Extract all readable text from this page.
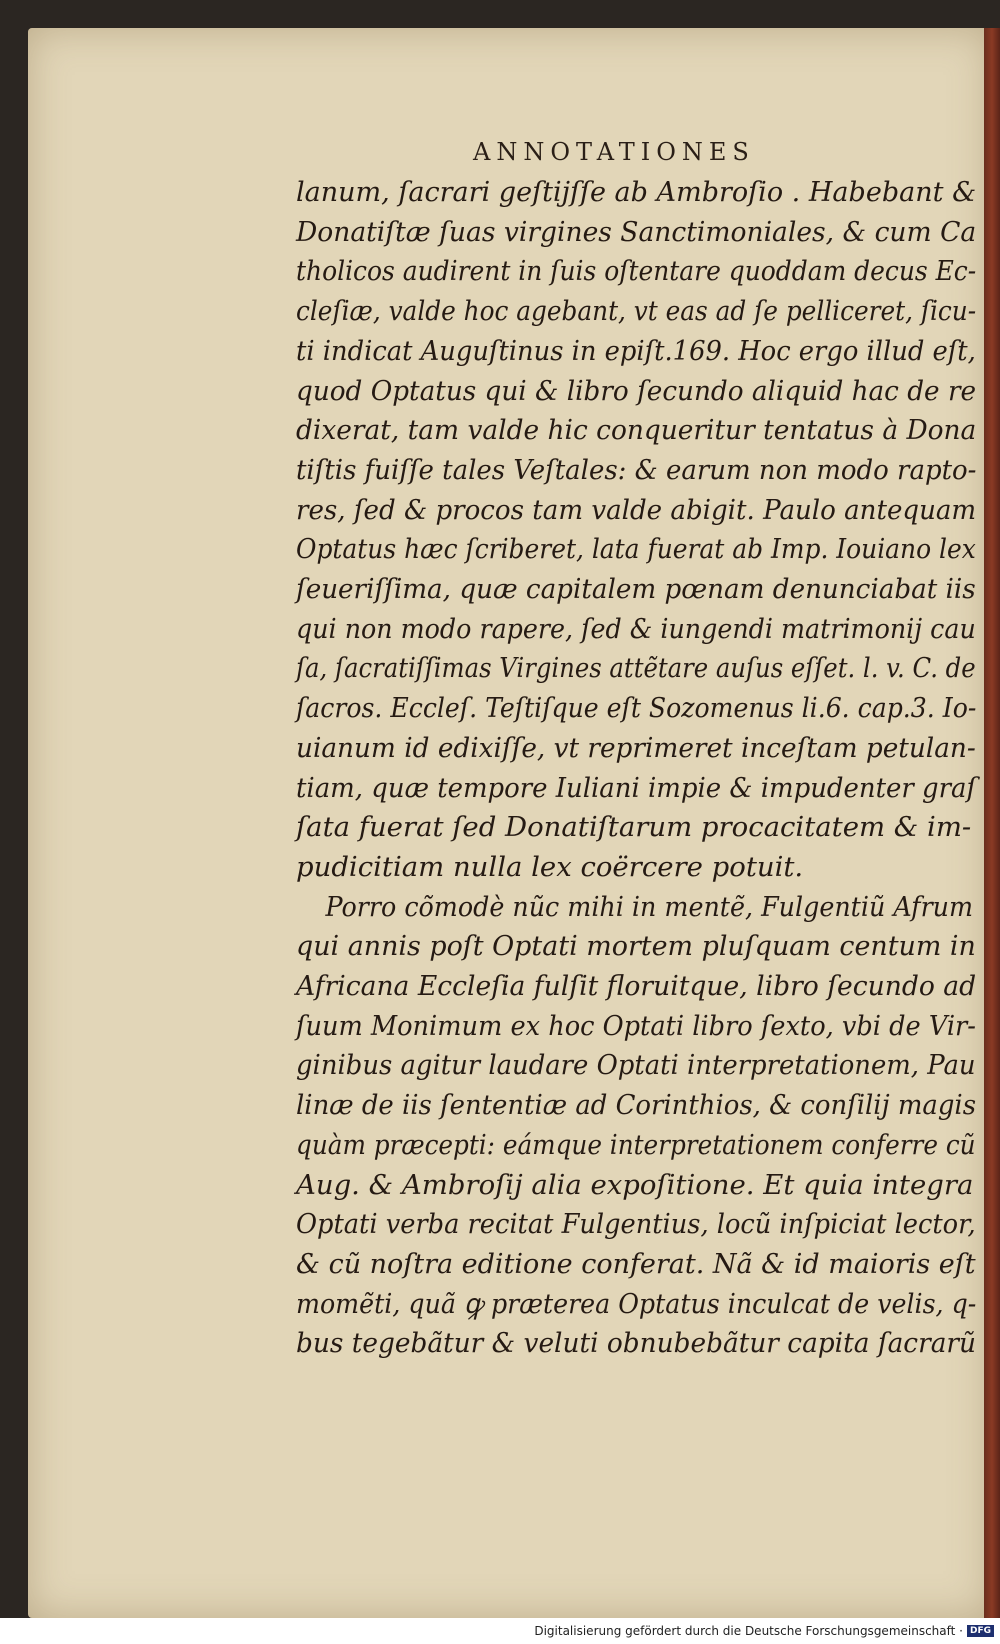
ANNOTATIONES
lanum, ſacrari geſtijſſe ab Ambroſio . Habebant &
Donatiſtæ ſuas virgines Sanctimoniales, & cum Ca
tholicos audirent in ſuis oſtentare quoddam decus Ec-
cleſiæ, valde hoc agebant, vt eas ad ſe pelliceret, ſicu-
ti indicat Auguſtinus in epiſt.169. Hoc ergo illud eſt,
quod Optatus qui & libro ſecundo aliquid hac de re
dixerat, tam valde hic conqueritur tentatus à Dona
tiſtis fuiſſe tales Veſtales: & earum non modo rapto-
res, ſed & procos tam valde abigit. Paulo antequam
Optatus hæc ſcriberet, lata fuerat ab Imp. Iouiano lex
ſeueriſſima, quæ capitalem pœnam denunciabat iis
qui non modo rapere, ſed & iungendi matrimonij cau
ſa, ſacratiſſimas Virgines attẽtare auſus eſſet. l. v. C. de
ſacros. Eccleſ. Teſtiſque eſt Sozomenus li.6. cap.3. Io-
uianum id edixiſſe, vt reprimeret inceſtam petulan-
tiam, quæ tempore Iuliani impie & impudenter graſ
ſata fuerat ſed Donatiſtarum procacitatem & im-
pudicitiam nulla lex coërcere potuit.
Porro cõmodè nũc mihi in mentẽ, Fulgentiũ Afrum
qui annis poſt Optati mortem pluſquam centum in
Africana Eccleſia fulſit floruitque, libro ſecundo ad
ſuum Monimum ex hoc Optati libro ſexto, vbi de Vir-
ginibus agitur laudare Optati interpretationem, Pau
linæ de iis ſententiæ ad Corinthios, & conſilij magis
quàm præcepti: eámque interpretationem conferre cũ
Aug. & Ambroſij alia expoſitione. Et quia integra
Optati verba recitat Fulgentius, locũ inſpiciat lector,
& cũ noſtra editione conferat. Nã & id maioris eſt
momẽti, quã ꝙ præterea Optatus inculcat de velis, q-
bus tegebãtur & veluti obnubebãtur capita ſacrarũ
Digitalisierung gefördert durch die Deutsche Forschungsgemeinschaft · DFG
